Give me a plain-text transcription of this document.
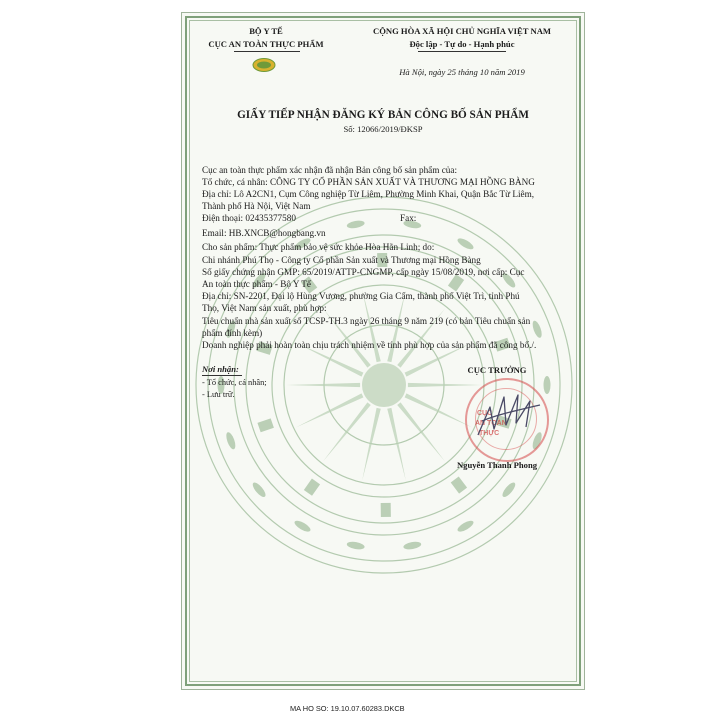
BỘ Y TẾ
CỤC AN TOÀN THỰC PHẨM
CỘNG HÒA XÃ HỘI CHỦ NGHĨA VIỆT NAM
Độc lập - Tự do - Hạnh phúc
Hà Nội, ngày 25 tháng 10 năm 2019
GIẤY TIẾP NHẬN ĐĂNG KÝ BẢN CÔNG BỐ SẢN PHẨM
Số: 12066/2019/ĐKSP
Cục an toàn thực phẩm xác nhận đã nhận Bản công bố sản phẩm của:
Tổ chức, cá nhân: CÔNG TY CỔ PHẦN SẢN XUẤT VÀ THƯƠNG MẠI HỒNG BÀNG
Địa chỉ: Lô A2CN1, Cụm Công nghiệp Từ Liêm, Phường Minh Khai, Quận Bắc Từ Liêm,
Thành phố Hà Nội, Việt Nam
Điện thoại: 02435377580	Fax:
Email: HB.XNCB@hongbang.vn
Cho sản phẩm: Thực phẩm bảo vệ sức khỏe Hòa Hãn Linh; do:
Chi nhánh Phú Thọ - Công ty Cổ phần Sản xuất và Thương mại Hồng Bàng
Số giấy chứng nhận GMP: 65/2019/ATTP-CNGMP, cấp ngày 15/08/2019, nơi cấp: Cục
An toàn thực phẩm - Bộ Y Tế
Địa chỉ: SN-2201, Đại lộ Hùng Vương, phường Gia Cẩm, thành phố Việt Trì, tỉnh Phú
Thọ, Việt Nam sản xuất, phù hợp:
Tiêu chuẩn nhà sản xuất số TCSP-TH.3 ngày 26 tháng 9 năm 219 (có bản Tiêu chuẩn sản
phẩm đính kèm)
Doanh nghiệp phải hoàn toàn chịu trách nhiệm về tính phù hợp của sản phẩm đã công bố./.
Nơi nhận:
- Tổ chức, cá nhân;
- Lưu trữ.
CỤC TRƯỞNG
CỤC
AN TOÀN
THỰC
Nguyễn Thanh Phong
MA HO SO: 19.10.07.60283.DKCB
